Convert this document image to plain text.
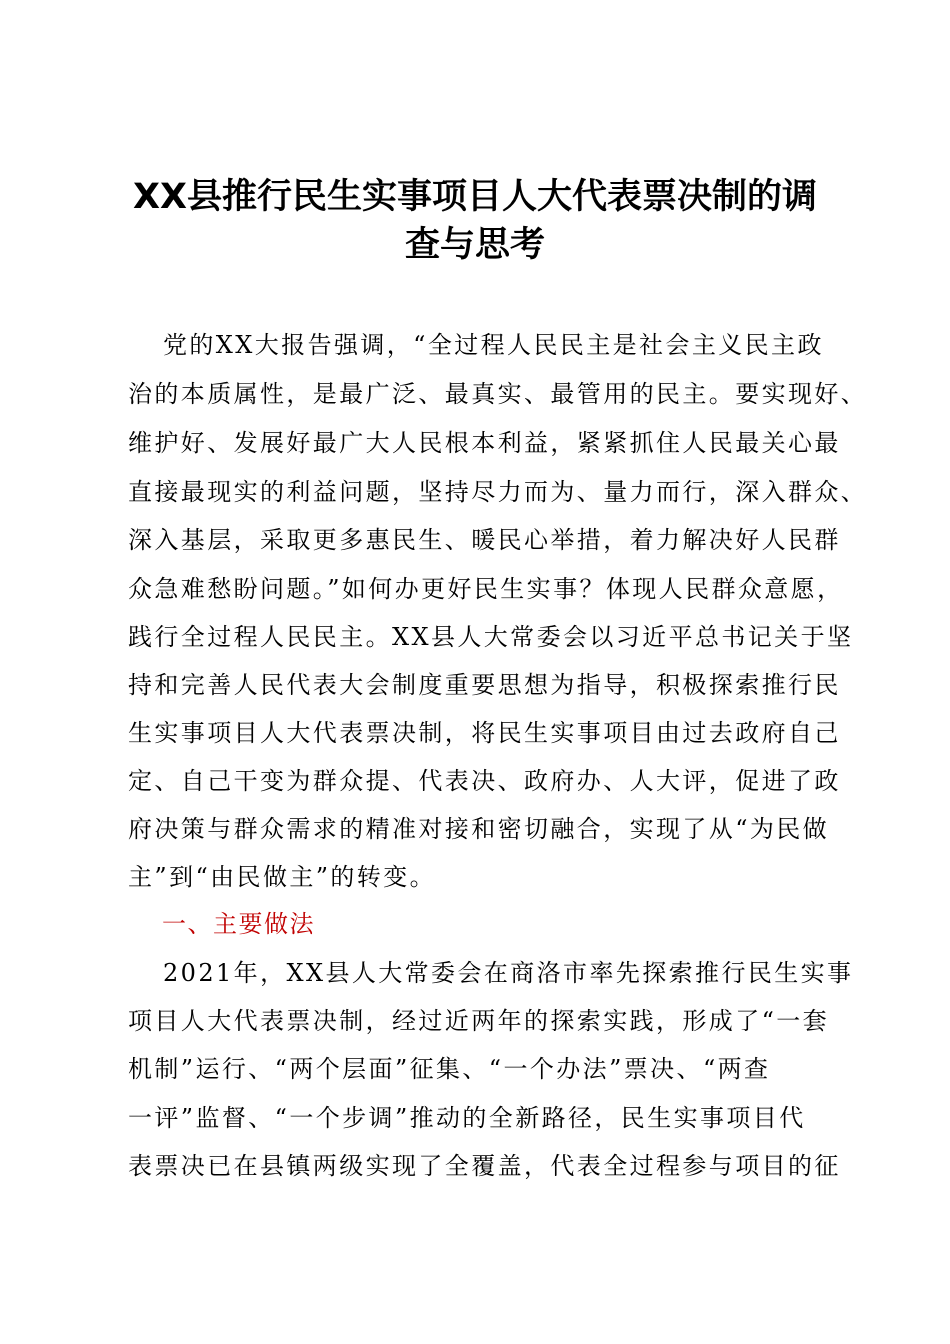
XX县推行民生实事项目人大代表票决制的调
查与思考
党的XX大报告强调，“全过程人民民主是社会主义民主政
治的本质属性，是最广泛、最真实、最管用的民主。要实现好、
维护好、发展好最广大人民根本利益，紧紧抓住人民最关心最
直接最现实的利益问题，坚持尽力而为、量力而行，深入群众、
深入基层，采取更多惠民生、暖民心举措，着力解决好人民群
众急难愁盼问题。”如何办更好民生实事？体现人民群众意愿，
践行全过程人民民主。XX县人大常委会以习近平总书记关于坚
持和完善人民代表大会制度重要思想为指导，积极探索推行民
生实事项目人大代表票决制，将民生实事项目由过去政府自己
定、自己干变为群众提、代表决、政府办、人大评，促进了政
府决策与群众需求的精准对接和密切融合，实现了从“为民做
主”到“由民做主”的转变。
一、主要做法
2021年，XX县人大常委会在商洛市率先探索推行民生实事
项目人大代表票决制，经过近两年的探索实践，形成了“一套
机制”运行、“两个层面”征集、“一个办法”票决、“两查
一评”监督、“一个步调”推动的全新路径，民生实事项目代
表票决已在县镇两级实现了全覆盖，代表全过程参与项目的征
